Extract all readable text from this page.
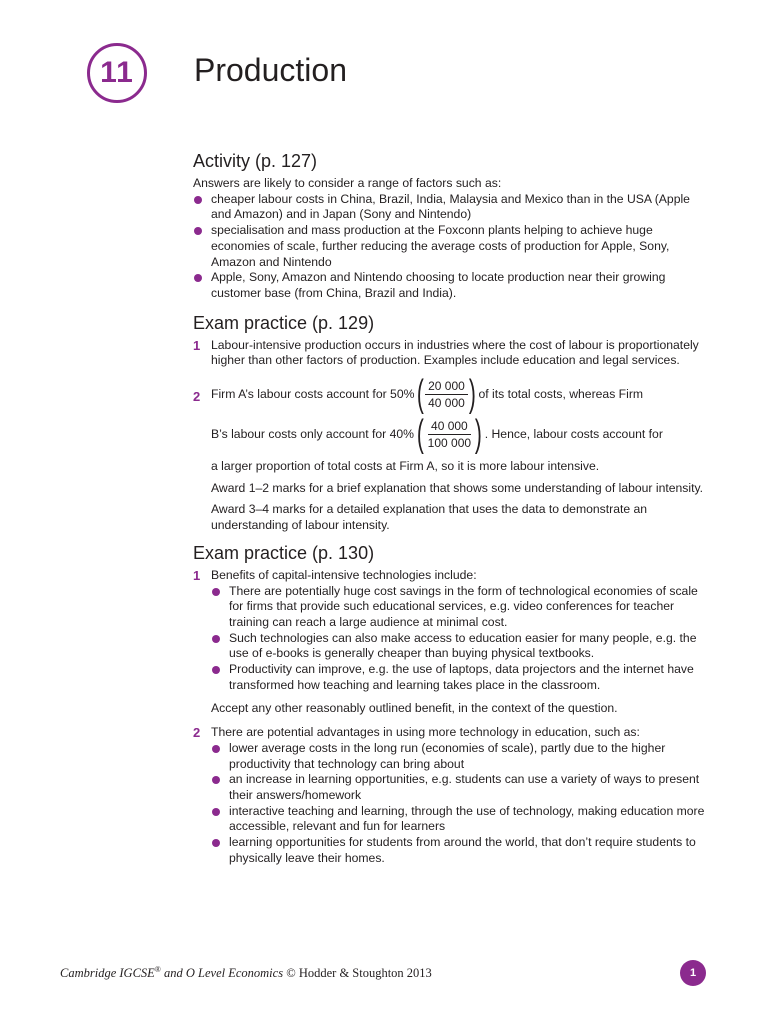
11 Production
Activity (p. 127)

Answers are likely to consider a range of factors such as:

cheaper labour costs in China, Brazil, India, Malaysia and Mexico than in the USA (Apple and Amazon) and in Japan (Sony and Nintendo)
specialisation and mass production at the Foxconn plants helping to achieve huge economies of scale, further reducing the average costs of production for Apple, Sony, Amazon and Nintendo
Apple, Sony, Amazon and Nintendo choosing to locate production near their growing customer base (from China, Brazil and India).
Exam practice (p. 129)
1 Labour-intensive production occurs in industries where the cost of labour is proportionately higher than other factors of production. Examples include education and legal services.

2 Firm A’s labour costs account for 50% ( $\frac{20 000}{40 000}$ ) of its total costs, whereas Firm
B’s labour costs only account for 40% ( $\frac{40 000}{100 000}$ ) . Hence, labour costs account for

a larger proportion of total costs at Firm A, so it is more labour intensive.

Award 1–2 marks for a brief explanation that shows some understanding of labour intensity.

Award 3–4 marks for a detailed explanation that uses the data to demonstrate an understanding of labour intensity.

Exam practice (p. 130)
1 Benefits of capital-intensive technologies include:

There are potentially huge cost savings in the form of technological economies of scale for firms that provide such educational services, e.g. video conferences for teacher training can reach a large audience at minimal cost.
Such technologies can also make access to education easier for many people, e.g. the use of e-books is generally cheaper than buying physical textbooks.
Productivity can improve, e.g. the use of laptops, data projectors and the internet have transformed how teaching and learning takes place in the classroom.

Accept any other reasonably outlined benefit, in the context of the question.

2 There are potential advantages in using more technology in education, such as:

lower average costs in the long run (economies of scale), partly due to the higher productivity that technology can bring about
an increase in learning opportunities, e.g. students can use a variety of ways to present their answers/homework
interactive teaching and learning, through the use of technology, making education more accessible, relevant and fun for learners
learning opportunities for students from around the world, that don’t require students to physically leave their homes.
Cambridge IGCSE® and O Level Economics © Hodder & Stoughton 2013	1
